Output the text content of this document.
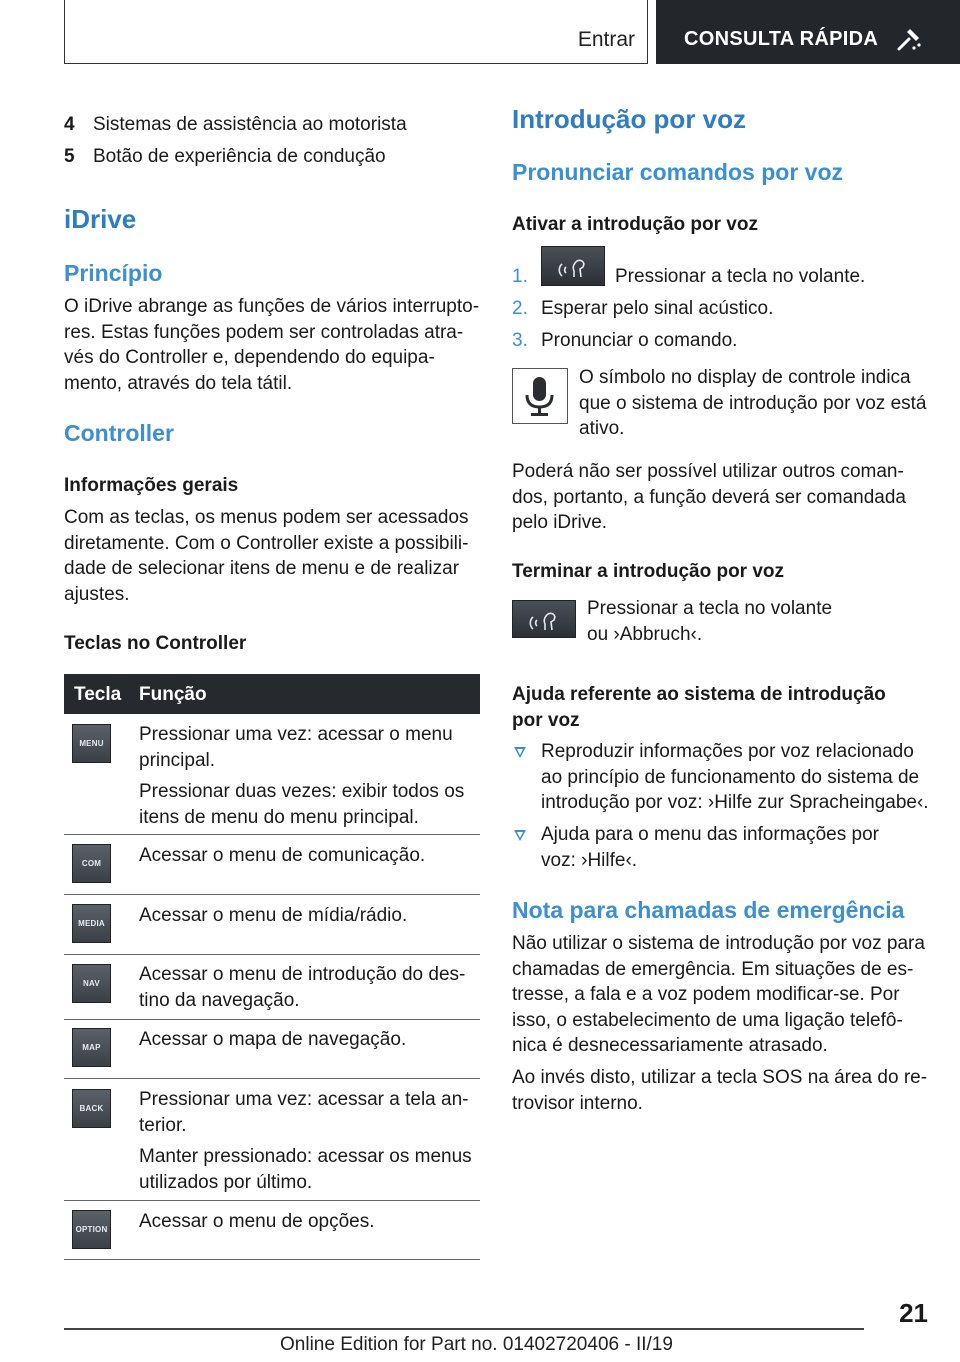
Entrar CONSULTA RÁPIDA
4 Sistemas de assistência ao motorista
5 Botão de experiência de condução
iDrive
Princípio
O iDrive abrange as funções de vários interrupto-
res. Estas funções podem ser controladas atra-
vés do Controller e, dependendo do equipa-
mento, através do tela tátil.
Controller
Informações gerais
Com as teclas, os menus podem ser acessados
diretamente. Com o Controller existe a possibili-
dade de selecionar itens de menu e de realizar
ajustes.
Teclas no Controller
Tecla Função
MENU	Pressionar uma vez: acessar o menu
principal.
Pressionar duas vezes: exibir todos os
itens de menu do menu principal.
COM	Acessar o menu de comunicação.
MEDIA	Acessar o menu de mídia/rádio.
NAV	Acessar o menu de introdução do des-
tino da navegação.
MAP	Acessar o mapa de navegação.
BACK	Pressionar uma vez: acessar a tela an-
terior.
Manter pressionado: acessar os menus
utilizados por último.
OPTION Acessar o menu de opções.
Introdução por voz
Pronunciar comandos por voz
Ativar a introdução por voz
1.	Pressionar a tecla no volante.
2. Esperar pelo sinal acústico.
3. Pronunciar o comando.
O símbolo no display de controle indica
que o sistema de introdução por voz está
ativo.
Poderá não ser possível utilizar outros coman-
dos, portanto, a função deverá ser comandada
pelo iDrive.
Terminar a introdução por voz
Pressionar a tecla no volante
ou ›Abbruch‹.
Ajuda referente ao sistema de introdução
por voz
Reproduzir informações por voz relacionado
ao princípio de funcionamento do sistema de
introdução por voz: ›Hilfe zur Spracheingabe‹.
Ajuda para o menu das informações por
voz: ›Hilfe‹.
Nota para chamadas de emergência
Não utilizar o sistema de introdução por voz para
chamadas de emergência. Em situações de es-
tresse, a fala e a voz podem modificar-se. Por
isso, o estabelecimento de uma ligação telefô-
nica é desnecessariamente atrasado.
Ao invés disto, utilizar a tecla SOS na área do re-
trovisor interno.
21
Online Edition for Part no. 01402720406 - II/19
